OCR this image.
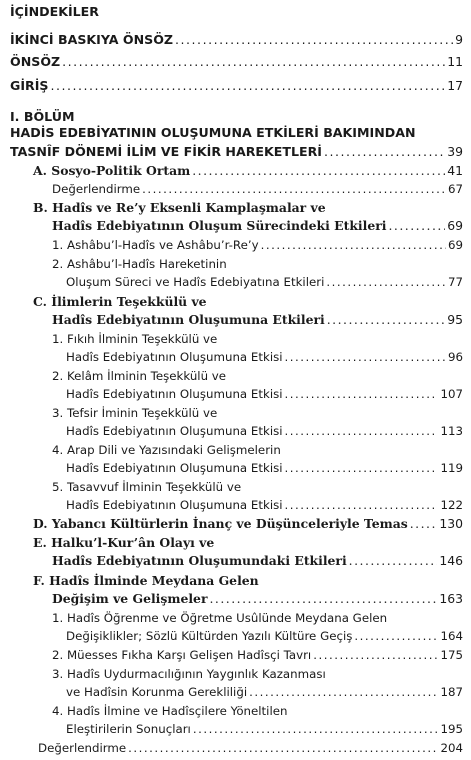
İÇİNDEKİLER
İKİNCİ BASKIYA ÖNSÖZ .....	9
ÖNSÖZ .....	11
GİRİŞ .....	17
I. BÖLÜM
HADİS EDEBİYATININ OLUŞUMUNA ETKİLERİ BAKIMINDAN
TASNÎF DÖNEMİ İLİM VE FİKİR HAREKETLERİ .....	39
A. Sosyo-Politik Ortam .....	41
Değerlendirme .....	67
B. Hadîs ve Re’y Eksenli Kamplaşmalar ve
Hadîs Edebiyatının Oluşum Sürecindeki Etkileri .....	69
1. Ashâbu’l-Hadîs ve Ashâbu’r-Re’y .....	69
2. Ashâbu’l-Hadîs Hareketinin
Oluşum Süreci ve Hadîs Edebiyatına Etkileri .....	77
C. İlimlerin Teşekkülü ve
Hadîs Edebiyatının Oluşumuna Etkileri .....	95
1. Fıkıh İlminin Teşekkülü ve
Hadîs Edebiyatının Oluşumuna Etkisi .....	96
2. Kelâm İlminin Teşekkülü ve
Hadîs Edebiyatının Oluşumuna Etkisi .....	107
3. Tefsir İminin Teşekkülü ve
Hadîs Edebiyatının Oluşumuna Etkisi .....	113
4. Arap Dili ve Yazısındaki Gelişmelerin
Hadîs Edebiyatının Oluşumuna Etkisi .....	119
5. Tasavvuf İlminin Teşekkülü ve
Hadîs Edebiyatının Oluşumuna Etkisi .....	122
D. Yabancı Kültürlerin İnanç ve Düşünceleriyle Temas .....	130
E. Halku’l-Kur’ân Olayı ve
Hadîs Edebiyatının Oluşumundaki Etkileri .....	146
F. Hadîs İlminde Meydana Gelen
Değişim ve Gelişmeler .....	163
1. Hadîs Öğrenme ve Öğretme Usûlünde Meydana Gelen
Değişiklikler; Sözlü Kültürden Yazılı Kültüre Geçiş .....	164
2. Müesses Fıkha Karşı Gelişen Hadîsçi Tavrı .....	175
3. Hadîs Uydurmacılığının Yaygınlık Kazanması
ve Hadîsin Korunma Gerekliliği .....	187
4. Hadîs İlmine ve Hadîsçilere Yöneltilen
Eleştirilerin Sonuçları .....	195
Değerlendirme .....	204
